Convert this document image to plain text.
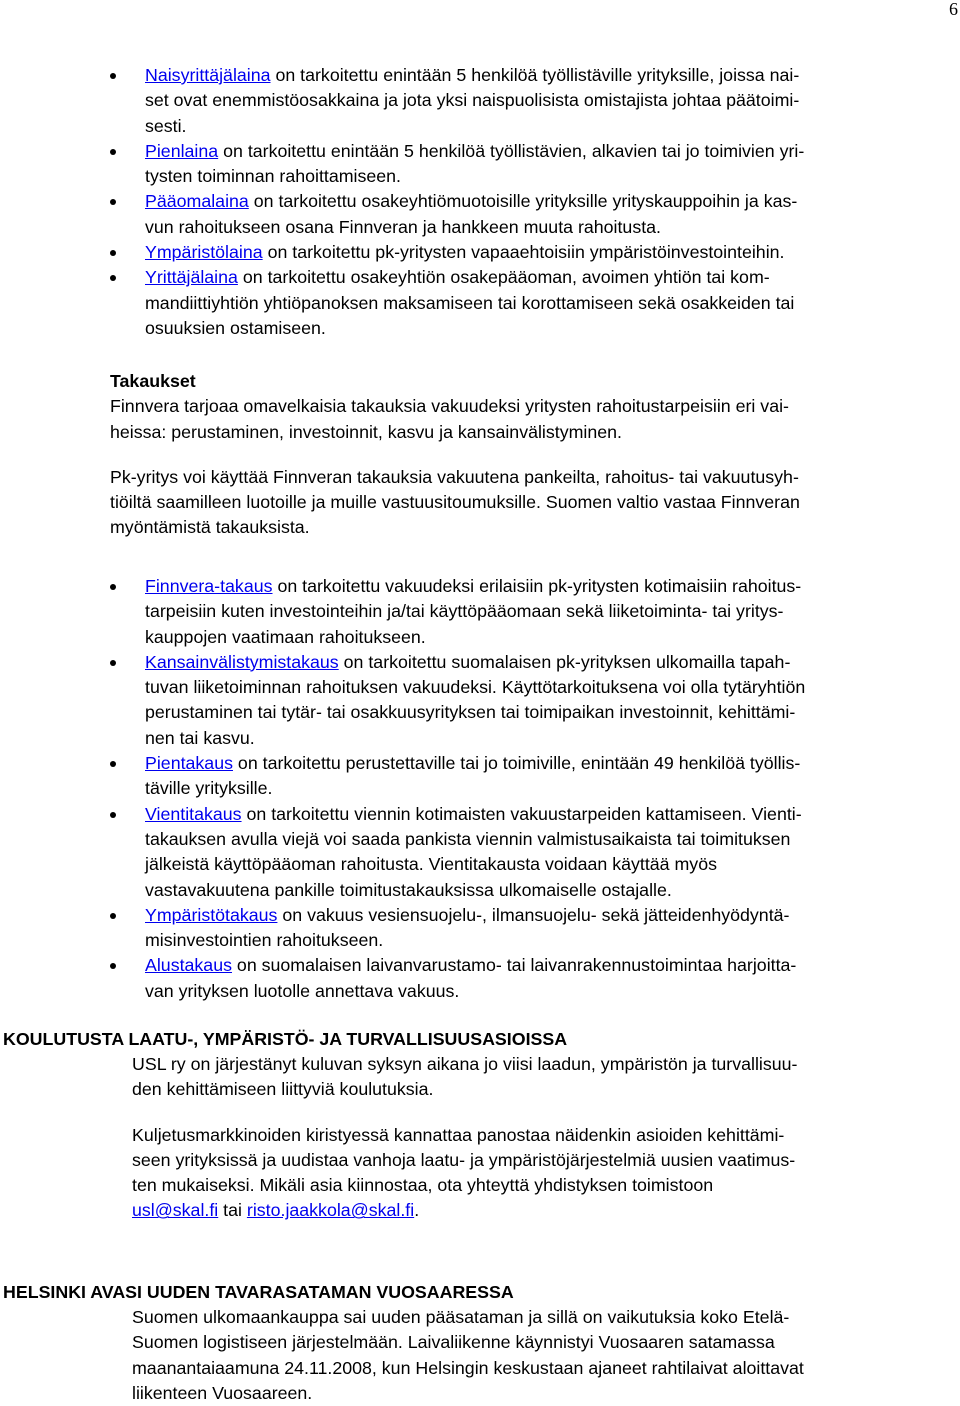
6
Naisyrittäjälaina on tarkoitettu enintään 5 henkilöä työllistäville yrityksille, joissa nai-
set ovat enemmistöosakkaina ja jota yksi naispuolisista omistajista johtaa päätoimi-
sesti.
Pienlaina on tarkoitettu enintään 5 henkilöä työllistävien, alkavien tai jo toimivien yri-
tysten toiminnan rahoittamiseen.
Pääomalaina on tarkoitettu osakeyhtiömuotoisille yrityksille yrityskauppoihin ja kas-
vun rahoitukseen osana Finnveran ja hankkeen muuta rahoitusta.
Ympäristölaina on tarkoitettu pk-yritysten vapaaehtoisiin ympäristöinvestointeihin.
Yrittäjälaina on tarkoitettu osakeyhtiön osakepääoman, avoimen yhtiön tai kom-
mandiittiyhtiön yhtiöpanoksen maksamiseen tai korottamiseen sekä osakkeiden tai
osuuksien ostamiseen.
Takaukset

Finnvera tarjoaa omavelkaisia takauksia vakuudeksi yritysten rahoitustarpeisiin eri vai-
heissa: perustaminen, investoinnit, kasvu ja kansainvälistyminen.

Pk-yritys voi käyttää Finnveran takauksia vakuutena pankeilta, rahoitus- tai vakuutusyh-
tiöiltä saamilleen luotoille ja muille vastuusitoumuksille. Suomen valtio vastaa Finnveran
myöntämistä takauksista.

Finnvera-takaus on tarkoitettu vakuudeksi erilaisiin pk-yritysten kotimaisiin rahoitus-
tarpeisiin kuten investointeihin ja/tai käyttöpääomaan sekä liiketoiminta- tai yritys-
kauppojen vaatimaan rahoitukseen.
Kansainvälistymistakaus on tarkoitettu suomalaisen pk-yrityksen ulkomailla tapah-
tuvan liiketoiminnan rahoituksen vakuudeksi. Käyttötarkoituksena voi olla tytäryhtiön
perustaminen tai tytär- tai osakkuusyrityksen tai toimipaikan investoinnit, kehittämi-
nen tai kasvu.
Pientakaus on tarkoitettu perustettaville tai jo toimiville, enintään 49 henkilöä työllis-
täville yrityksille.
Vientitakaus on tarkoitettu viennin kotimaisten vakuustarpeiden kattamiseen. Vienti-
takauksen avulla viejä voi saada pankista viennin valmistusaikaista tai toimituksen
jälkeistä käyttöpääoman rahoitusta. Vientitakausta voidaan käyttää myös
vastavakuutena pankille toimitustakauksissa ulkomaiselle ostajalle.
Ympäristötakaus on vakuus vesiensuojelu-, ilmansuojelu- sekä jätteidenhyödyntä-
misinvestointien rahoitukseen.
Alustakaus on suomalaisen laivanvarustamo- tai laivanrakennustoimintaa harjoitta-
van yrityksen luotolle annettava vakuus.
KOULUTUSTA LAATU-, YMPÄRISTÖ- JA TURVALLISUUSASIOISSA

USL ry on järjestänyt kuluvan syksyn aikana jo viisi laadun, ympäristön ja turvallisuu-
den kehittämiseen liittyviä koulutuksia.

Kuljetusmarkkinoiden kiristyessä kannattaa panostaa näidenkin asioiden kehittämi-
seen yrityksissä ja uudistaa vanhoja laatu- ja ympäristöjärjestelmiä uusien vaatimus-
ten mukaiseksi. Mikäli asia kiinnostaa, ota yhteyttä yhdistyksen toimistoon
usl@skal.fi tai risto.jaakkola@skal.fi.

HELSINKI AVASI UUDEN TAVARASATAMAN VUOSAARESSA

Suomen ulkomaankauppa sai uuden pääsataman ja sillä on vaikutuksia koko Etelä-
Suomen logistiseen järjestelmään. Laivaliikenne käynnistyi Vuosaaren satamassa
maanantaiaamuna 24.11.2008, kun Helsingin keskustaan ajaneet rahtilaivat aloittavat
liikenteen Vuosaareen.
